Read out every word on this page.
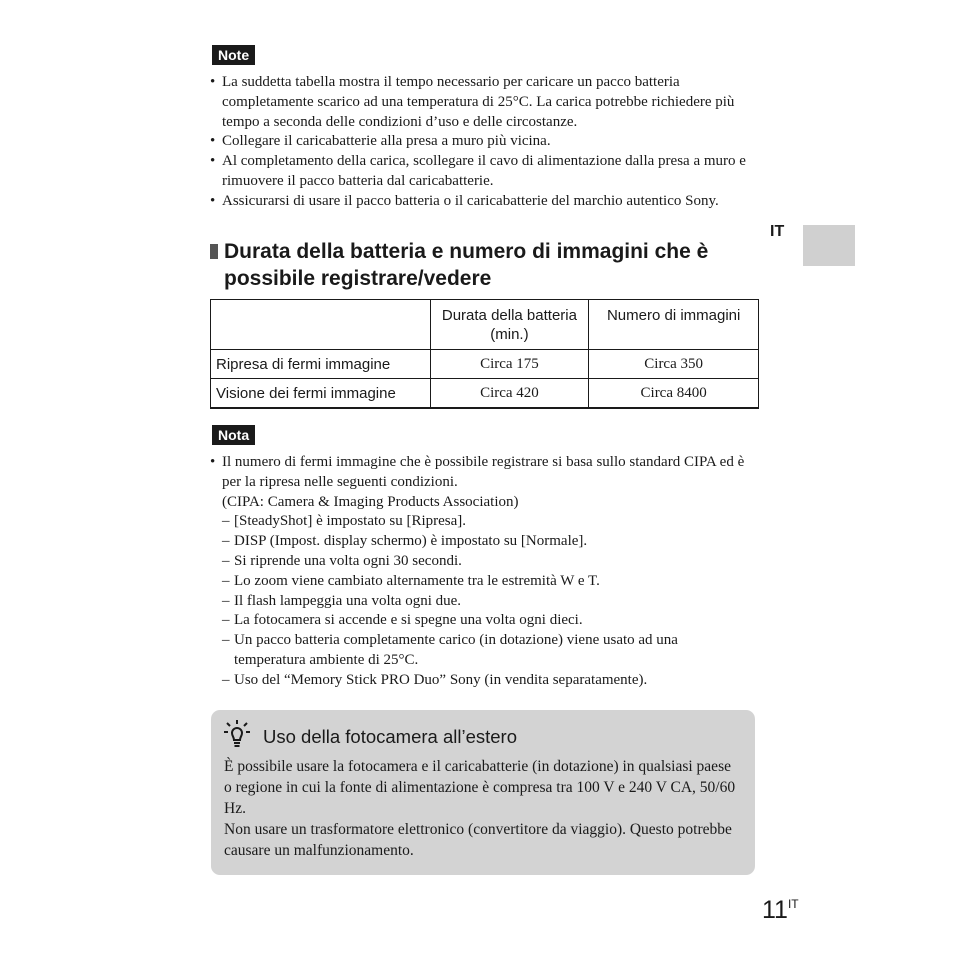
Note
• La suddetta tabella mostra il tempo necessario per caricare un pacco batteria completamente scarico ad una temperatura di 25°C. La carica potrebbe richiedere più tempo a seconda delle condizioni d’uso e delle circostanze.
• Collegare il caricabatterie alla presa a muro più vicina.
• Al completamento della carica, scollegare il cavo di alimentazione dalla presa a muro e rimuovere il pacco batteria dal caricabatterie.
• Assicurarsi di usare il pacco batteria o il caricabatterie del marchio autentico Sony.
IT
Durata della batteria e numero di immagini che è
possibile registrare/vedere
	Durata della batteria (min.)	Numero di immagini
Ripresa di fermi immagine	Circa 175	Circa 350
Visione dei fermi immagine	Circa 420	Circa 8400
Nota
• Il numero di fermi immagine che è possibile registrare si basa sullo standard CIPA ed è per la ripresa nelle seguenti condizioni.
(CIPA: Camera & Imaging Products Association)
– [SteadyShot] è impostato su [Ripresa].
– DISP (Impost. display schermo) è impostato su [Normale].
– Si riprende una volta ogni 30 secondi.
– Lo zoom viene cambiato alternamente tra le estremità W e T.
– Il flash lampeggia una volta ogni due.
– La fotocamera si accende e si spegne una volta ogni dieci.
– Un pacco batteria completamente carico (in dotazione) viene usato ad una temperatura ambiente di 25°C.
– Uso del “Memory Stick PRO Duo” Sony (in vendita separatamente).
Uso della fotocamera all’estero
È possibile usare la fotocamera e il caricabatterie (in dotazione) in qualsiasi paese o regione in cui la fonte di alimentazione è compresa tra 100 V e 240 V CA, 50/60 Hz.
Non usare un trasformatore elettronico (convertitore da viaggio). Questo potrebbe causare un malfunzionamento.
$11^{IT}$
